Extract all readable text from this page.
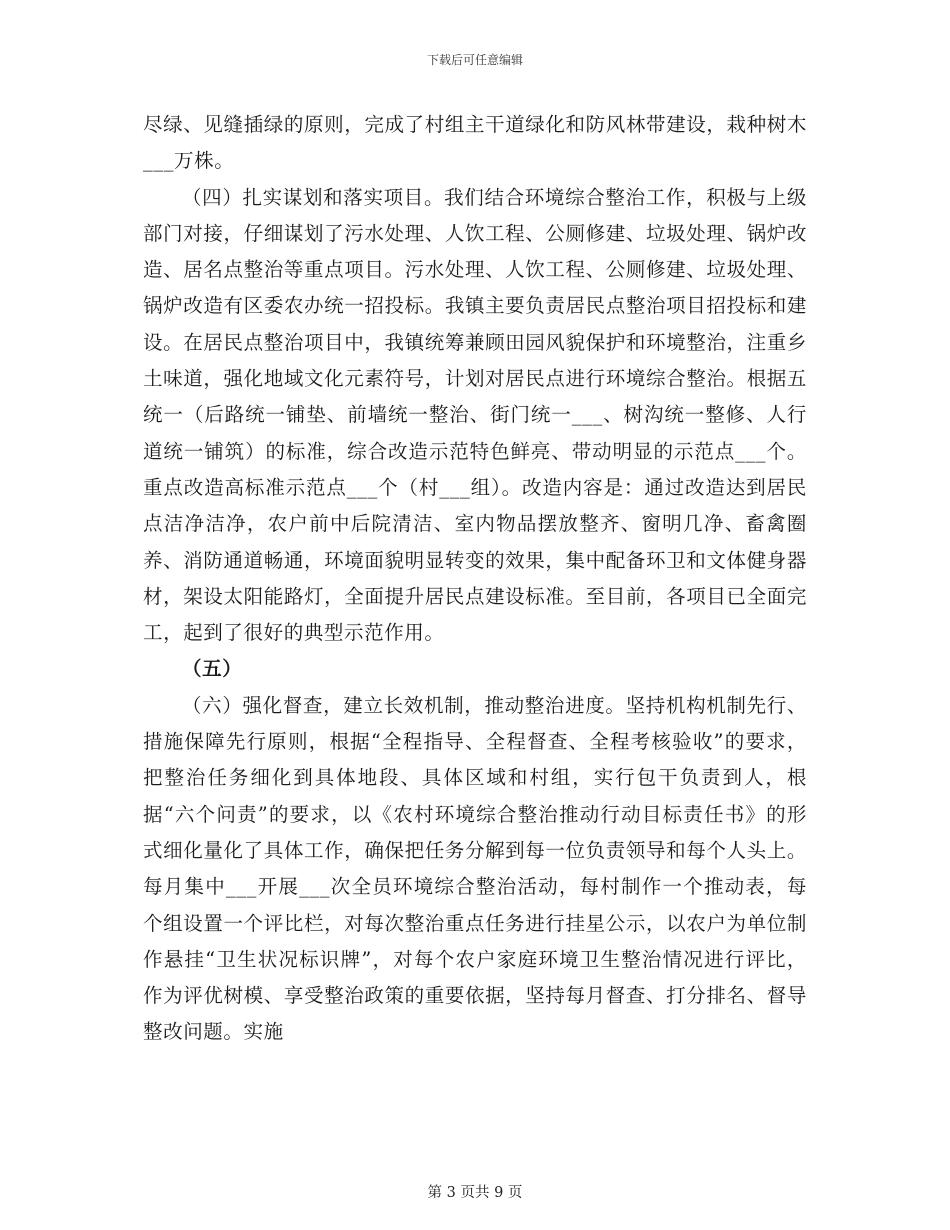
下载后可任意编辑

尽绿、见缝插绿的原则，完成了村组主干道绿化和防风林带建设，栽种树木___万株。

（四）扎实谋划和落实项目。我们结合环境综合整治工作，积极与上级部门对接，仔细谋划了污水处理、人饮工程、公厕修建、垃圾处理、锅炉改造、居名点整治等重点项目。污水处理、人饮工程、公厕修建、垃圾处理、锅炉改造有区委农办统一招投标。我镇主要负责居民点整治项目招投标和建设。在居民点整治项目中，我镇统筹兼顾田园风貌保护和环境整治，注重乡土味道，强化地域文化元素符号，计划对居民点进行环境综合整治。根据五统一（后路统一铺垫、前墙统一整治、街门统一___、树沟统一整修、人行道统一铺筑）的标准，综合改造示范特色鲜亮、带动明显的示范点___个。重点改造高标准示范点___个（村___组）。改造内容是：通过改造达到居民点洁净洁净，农户前中后院清洁、室内物品摆放整齐、窗明几净、畜禽圈养、消防通道畅通，环境面貌明显转变的效果，集中配备环卫和文体健身器材，架设太阳能路灯，全面提升居民点建设标准。至目前，各项目已全面完工，起到了很好的典型示范作用。

（五）

（六）强化督查，建立长效机制，推动整治进度。坚持机构机制先行、措施保障先行原则，根据“全程指导、全程督查、全程考核验收”的要求，把整治任务细化到具体地段、具体区域和村组，实行包干负责到人，根据“六个问责”的要求，以《农村环境综合整治推动行动目标责任书》的形式细化量化了具体工作，确保把任务分解到每一位负责领导和每个人头上。每月集中___开展___次全员环境综合整治活动，每村制作一个推动表，每个组设置一个评比栏，对每次整治重点任务进行挂星公示，以农户为单位制作悬挂“卫生状况标识牌”，对每个农户家庭环境卫生整治情况进行评比，作为评优树模、享受整治政策的重要依据，坚持每月督查、打分排名、督导整改问题。实施

第 3 页共 9 页
